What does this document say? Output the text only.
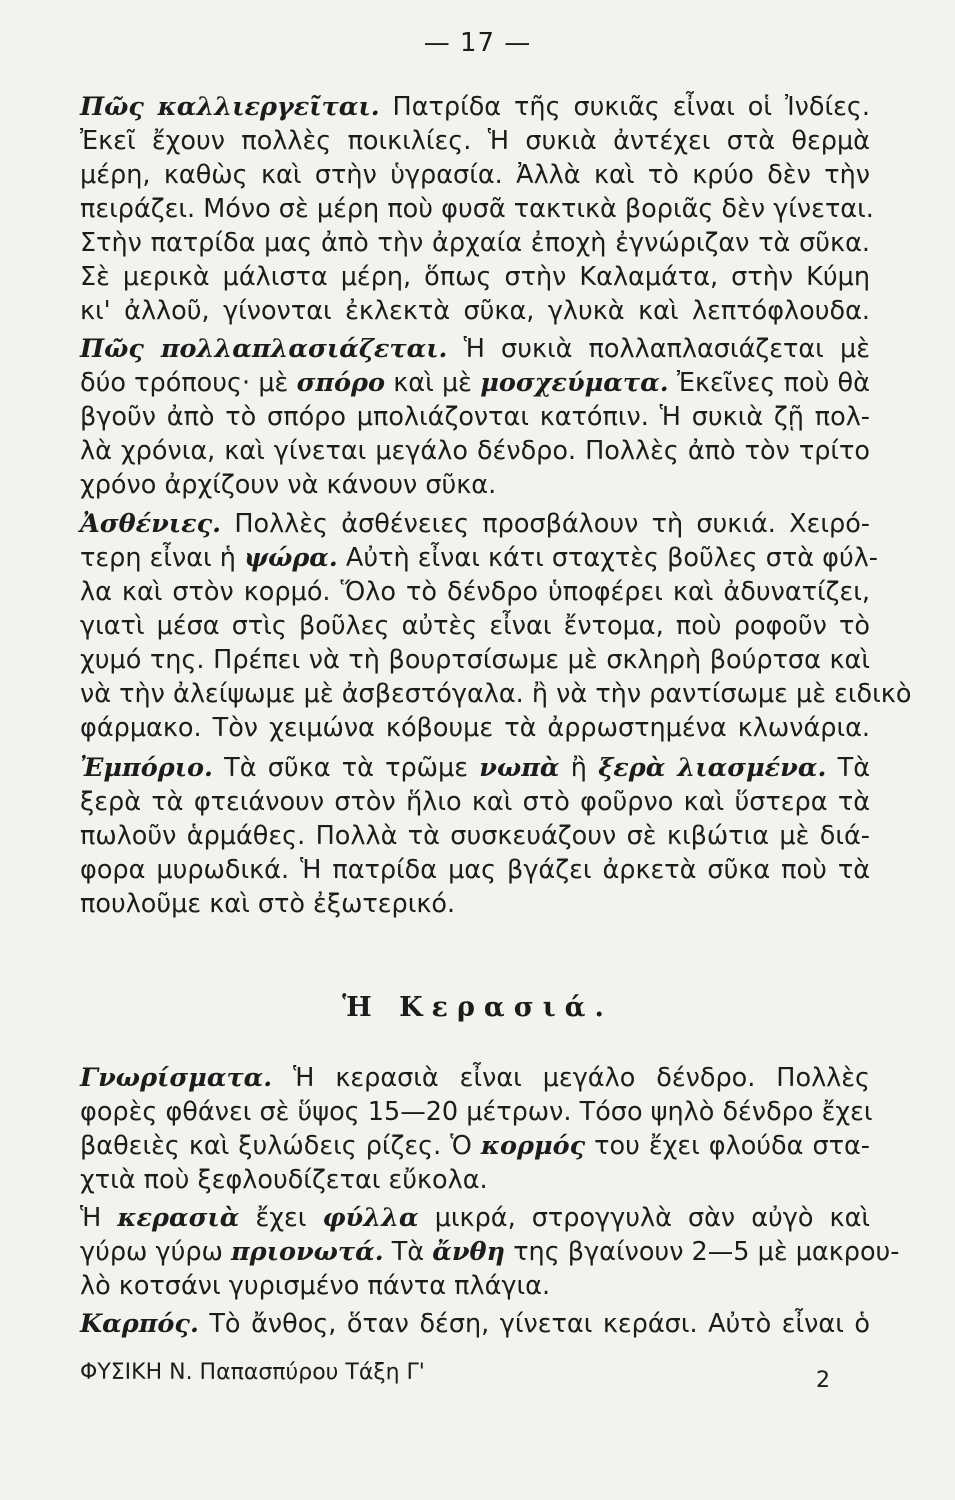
— 17 —
Πῶς καλλιεργεῖται. Πατρίδα τῆς συκιᾶς εἶναι οἱ Ἰνδίες.
Ἐκεῖ ἔχουν πολλὲς ποικιλίες. Ἡ συκιὰ ἀντέχει στὰ θερμὰ
μέρη, καθὼς καὶ στὴν ὑγρασία. Ἀλλὰ καὶ τὸ κρύο δὲν τὴν
πειράζει. Μόνο σὲ μέρη ποὺ φυσᾶ τακτικὰ βοριᾶς δὲν γίνεται.
Στὴν πατρίδα μας ἀπὸ τὴν ἀρχαία ἐποχὴ ἐγνώριζαν τὰ σῦκα.
Σὲ μερικὰ μάλιστα μέρη, ὅπως στὴν Καλαμάτα, στὴν Κύμη
κι' ἀλλοῦ, γίνονται ἐκλεκτὰ σῦκα, γλυκὰ καὶ λεπτόφλουδα.
Πῶς πολλαπλασιάζεται. Ἡ συκιὰ πολλαπλασιάζεται μὲ
δύο τρόπους· μὲ σπόρο καὶ μὲ μοσχεύματα. Ἐκεῖνες ποὺ θὰ
βγοῦν ἀπὸ τὸ σπόρο μπολιάζονται κατόπιν. Ἡ συκιὰ ζῇ πολ-
λὰ χρόνια, καὶ γίνεται μεγάλο δένδρο. Πολλὲς ἀπὸ τὸν τρίτο
χρόνο ἀρχίζουν νὰ κάνουν σῦκα.
Ἀσθένιες. Πολλὲς ἀσθένειες προσβάλουν τὴ συκιά. Χειρό-
τερη εἶναι ἡ ψώρα. Αὐτὴ εἶναι κάτι σταχτὲς βοῦλες στὰ φύλ-
λα καὶ στὸν κορμό. Ὅλο τὸ δένδρο ὑποφέρει καὶ ἀδυνατίζει,
γιατὶ μέσα στὶς βοῦλες αὐτὲς εἶναι ἔντομα, ποὺ ροφοῦν τὸ
χυμό της. Πρέπει νὰ τὴ βουρτσίσωμε μὲ σκληρὴ βούρτσα καὶ
νὰ τὴν ἀλείψωμε μὲ ἀσβεστόγαλα. ἢ νὰ τὴν ραντίσωμε μὲ ειδικὸ
φάρμακο. Τὸν χειμώνα κόβουμε τὰ ἀρρωστημένα κλωνάρια.
Ἐμπόριο. Τὰ σῦκα τὰ τρῶμε νωπὰ ἢ ξερὰ λιασμένα. Τὰ
ξερὰ τὰ φτειάνουν στὸν ἥλιο καὶ στὸ φοῦρνο καὶ ὕστερα τὰ
πωλοῦν ἁρμάθες. Πολλὰ τὰ συσκευάζουν σὲ κιβώτια μὲ διά-
φορα μυρωδικά. Ἡ πατρίδα μας βγάζει ἀρκετὰ σῦκα ποὺ τὰ
πουλοῦμε καὶ στὸ ἐξωτερικό.
Ἡ Κερασιά.
Γνωρίσματα. Ἡ κερασιὰ εἶναι μεγάλο δένδρο. Πολλὲς
φορὲς φθάνει σὲ ὕψος 15—20 μέτρων. Τόσο ψηλὸ δένδρο ἔχει
βαθειὲς καὶ ξυλώδεις ρίζες. Ὁ κορμός του ἔχει φλούδα στα-
χτιὰ ποὺ ξεφλουδίζεται εὔκολα.
Ἡ κερασιὰ ἔχει φύλλα μικρά, στρογγυλὰ σὰν αὐγὸ καὶ
γύρω γύρω πριονωτά. Τὰ ἄνθη της βγαίνουν 2—5 μὲ μακρου-
λὸ κοτσάνι γυρισμένο πάντα πλάγια.
Καρπός. Τὸ ἄνθος, ὅταν δέση, γίνεται κεράσι. Αὐτὸ εἶναι ὁ
ΦΥΣΙΚΗ Ν. Παπασπύρου Τάξη Γ'	2
